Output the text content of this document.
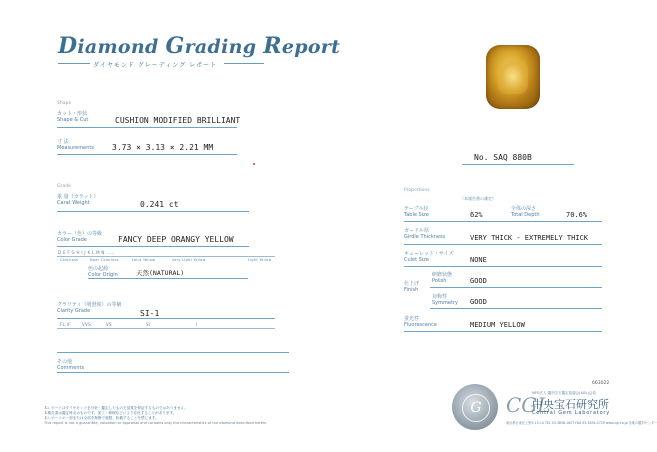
Diamond Grading Report
ダイヤモンド グレーディング レポート
Shape
カット・形状
Shape & Cut	CUSHION MODIFIED BRILLIANT
寸 法
Measurements 3.73 × 3.13 × 2.21 MM
Grade
重 量（カラット）
Carat Weight	0.241 ct
カラー（色）の等級
Color Grade	FANCY DEEP ORANGY YELLOW
D E F G H I J K L M N ……
Colorless	Near Colorless	Faint Yellow	Very Light Yellow	Light Yellow
色の起源
Color Origin	天然(NATURAL)
クラリティ（明澄度）の等級
Clarity Grade	SI-1
FL,IF	VVS	VS	SI	I
その他
Comments
No. SAQ 880B
Proportions
（本報告書の測定）
テーブル径
Table Size	62%
全体の深さ
Total Depth	70.6%
ガードル厚
Girdle Thickness	VERY THICK - EXTREMELY THICK
キューレット・サイズ
Culet Size	NONE
仕上げ
Finish
研磨状態
Polish	GOOD
対称性
Symmetry GOOD
蛍光性
Fluorescence	MEDIUM YELLOW
663022
本レポートはダイヤモンドを分析・鑑定したもので品質を保証するものではありません。
本報告書は鑑定時点のものです。加工・修理などにより変化することがあります。
本レポートの一部または全部を無断で複製、転載することを禁じます。
This report is not a guarantee, valuation or appraisal and contains only the characteristics of the diamond described herein.
G	CGL
NPO法人 鑑別宝石鑑定協議会(AGL)会員
中央宝石研究所
Central Gem Laboratory
東京都台東区上野5-15-14 TEL 03-3836-1627 FAX 03-3834-0729 www.cgl.co.jp 各地の鑑別センター
